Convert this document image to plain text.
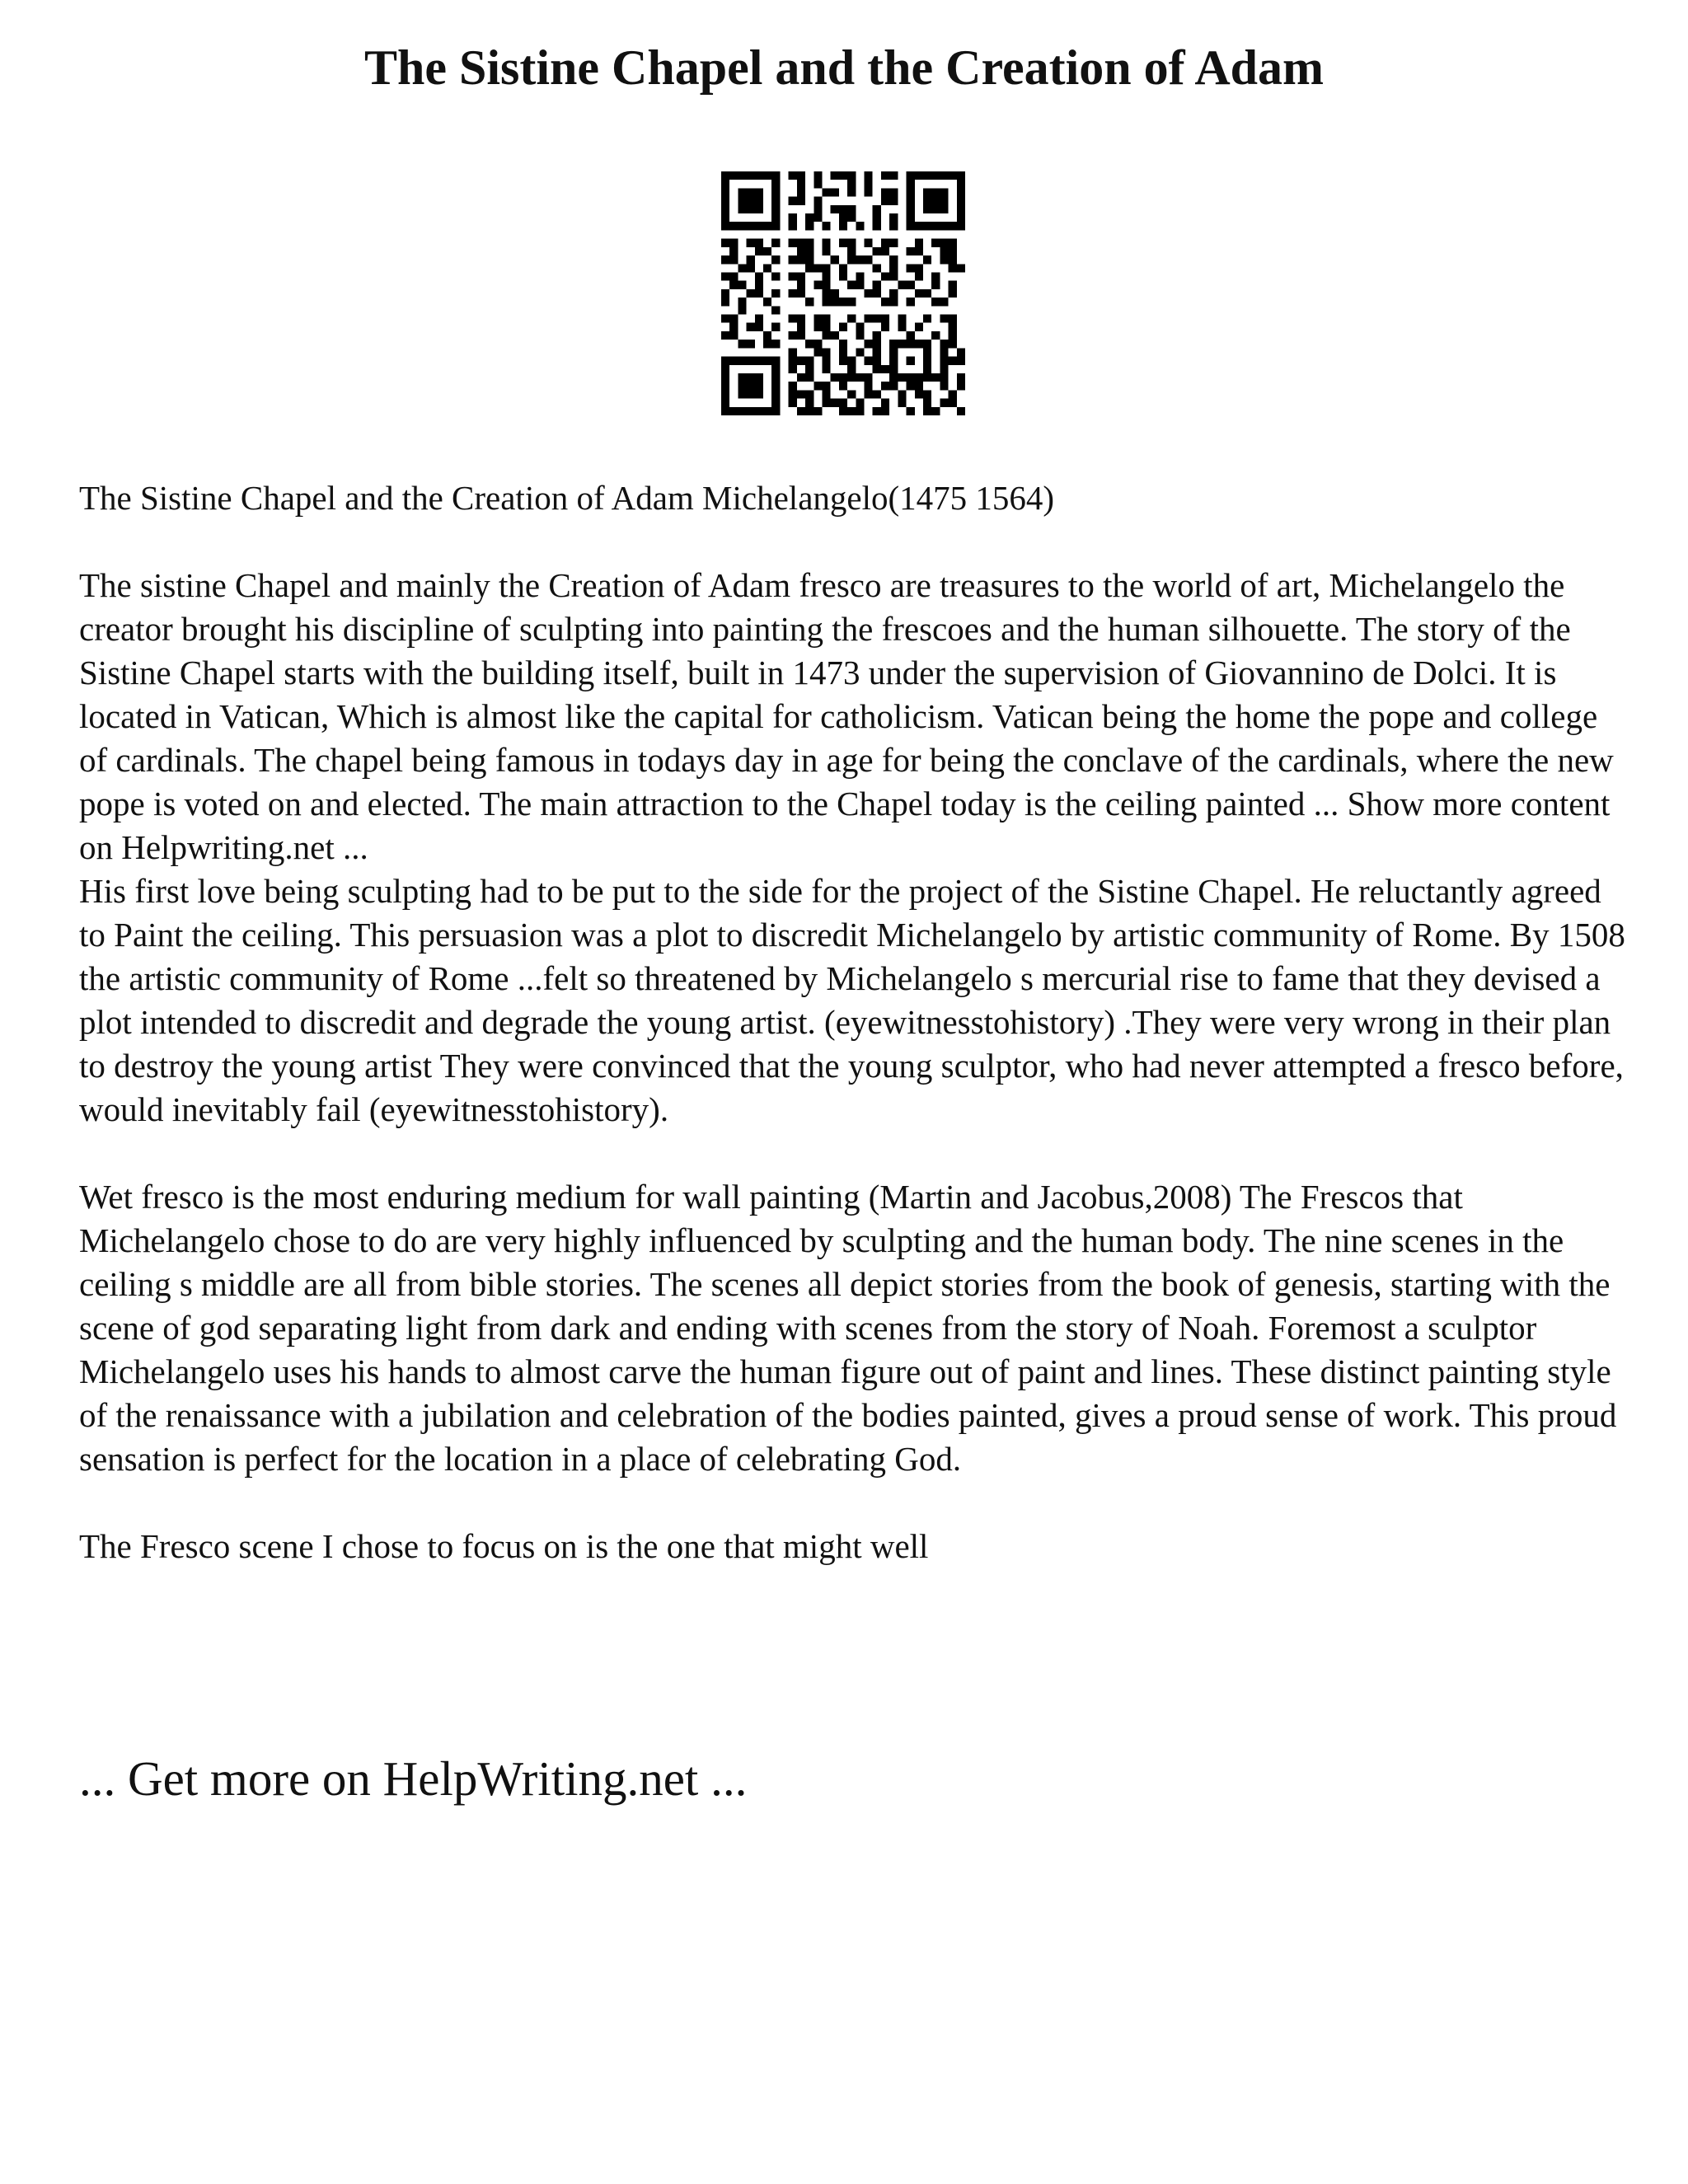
The Sistine Chapel and the Creation of Adam

The Sistine Chapel and the Creation of Adam Michelangelo(1475 1564)

The sistine Chapel and mainly the Creation of Adam fresco are treasures to the world of art, Michelangelo the creator brought his discipline of sculpting into painting the frescoes and the human silhouette. The story of the Sistine Chapel starts with the building itself, built in 1473 under the supervision of Giovannino de Dolci. It is located in Vatican, Which is almost like the capital for catholicism. Vatican being the home the pope and college of cardinals. The chapel being famous in todays day in age for being the conclave of the cardinals, where the new pope is voted on and elected. The main attraction to the Chapel today is the ceiling painted ... Show more content on Helpwriting.net ...

His first love being sculpting had to be put to the side for the project of the Sistine Chapel. He reluctantly agreed to Paint the ceiling. This persuasion was a plot to discredit Michelangelo by artistic community of Rome. By 1508 the artistic community of Rome ...felt so threatened by Michelangelo s mercurial rise to fame that they devised a plot intended to discredit and degrade the young artist. (eyewitnesstohistory) .They were very wrong in their plan to destroy the young artist They were convinced that the young sculptor, who had never attempted a fresco before, would inevitably fail (eyewitnesstohistory).

Wet fresco is the most enduring medium for wall painting (Martin and Jacobus,2008) The Frescos that Michelangelo chose to do are very highly influenced by sculpting and the human body. The nine scenes in the ceiling s middle are all from bible stories. The scenes all depict stories from the book of genesis, starting with the scene of god separating light from dark and ending with scenes from the story of Noah. Foremost a sculptor Michelangelo uses his hands to almost carve the human figure out of paint and lines. These distinct painting style of the renaissance with a jubilation and celebration of the bodies painted, gives a proud sense of work. This proud sensation is perfect for the location in a place of celebrating God.

The Fresco scene I chose to focus on is the one that might well

... Get more on HelpWriting.net ...
